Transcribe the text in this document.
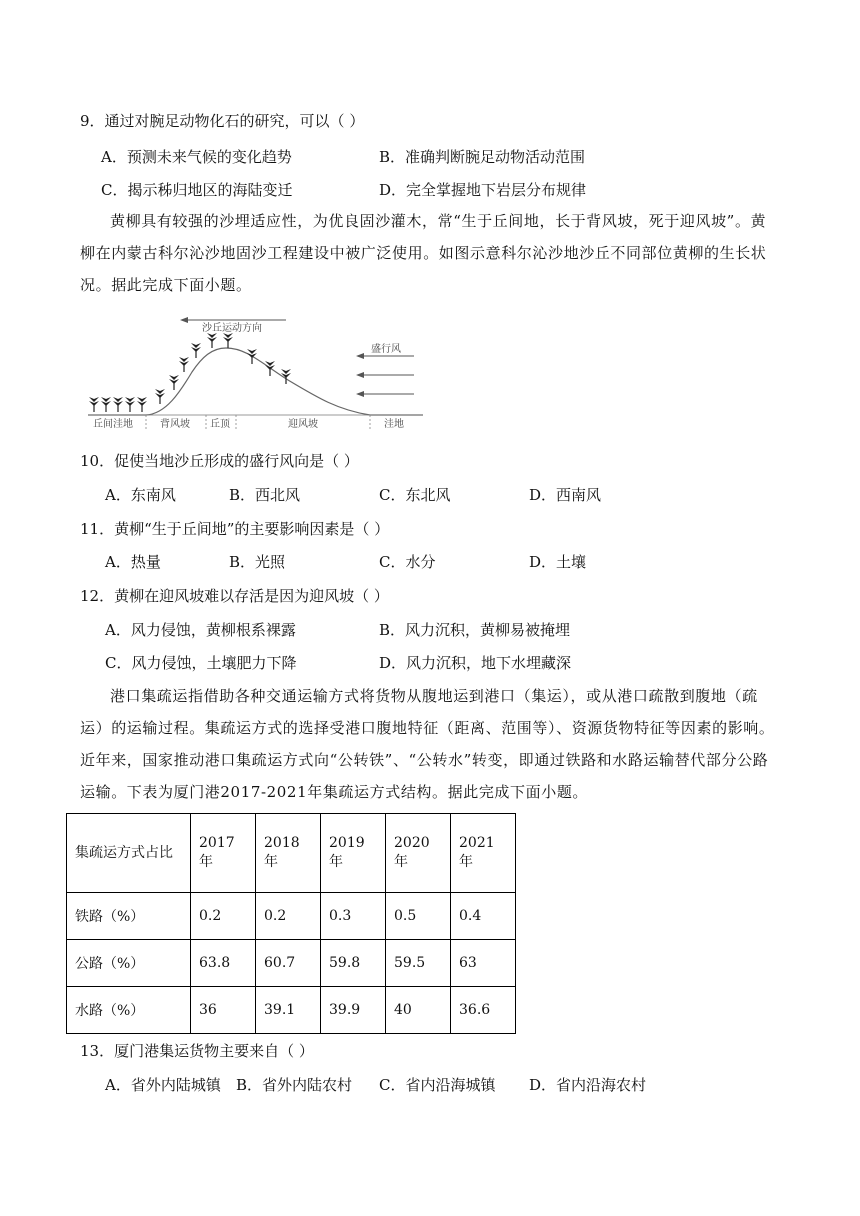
9．通过对腕足动物化石的研究，可以（ ）
A．预测未来气候的变化趋势	B．准确判断腕足动物活动范围
C．揭示秭归地区的海陆变迁	D．完全掌握地下岩层分布规律
黄柳具有较强的沙埋适应性，为优良固沙灌木，常“生于丘间地，长于背风坡，死于迎风坡”。黄柳在内蒙古科尔沁沙地固沙工程建设中被广泛使用。如图示意科尔沁沙地沙丘不同部位黄柳的生长状况。据此完成下面小题。
沙丘运动方向
盛行风
丘间洼地	背风坡 丘顶	迎风坡	洼地
10．促使当地沙丘形成的盛行风向是（ ）
A．东南风	B．西北风	C．东北风	D．西南风
11．黄柳“生于丘间地”的主要影响因素是（ ）
A．热量	B．光照	C．水分	D．土壤
12．黄柳在迎风坡难以存活是因为迎风坡（ ）
A．风力侵蚀，黄柳根系裸露	B．风力沉积，黄柳易被掩埋
C．风力侵蚀，土壤肥力下降	D．风力沉积，地下水埋藏深
港口集疏运指借助各种交通运输方式将货物从腹地运到港口（集运），或从港口疏散到腹地（疏运）的运输过程。集疏运方式的选择受港口腹地特征（距离、范围等）、资源货物特征等因素的影响。近年来，国家推动港口集疏运方式向“公转铁”、“公转水”转变，即通过铁路和水路运输替代部分公路运输。下表为厦门港2017-2021年集疏运方式结构。据此完成下面小题。
集疏运方式占比	2017年	2018年	2019年	2020年	2021年
铁路（%）	0.2	0.2	0.3	0.5	0.4
公路（%）	63.8	60.7	59.8	59.5	63
水路（%）	36	39.1	39.9	40	36.6
13．厦门港集运货物主要来自（ ）
A．省外内陆城镇 B．省外内陆农村 C．省内沿海城镇 D．省内沿海农村
